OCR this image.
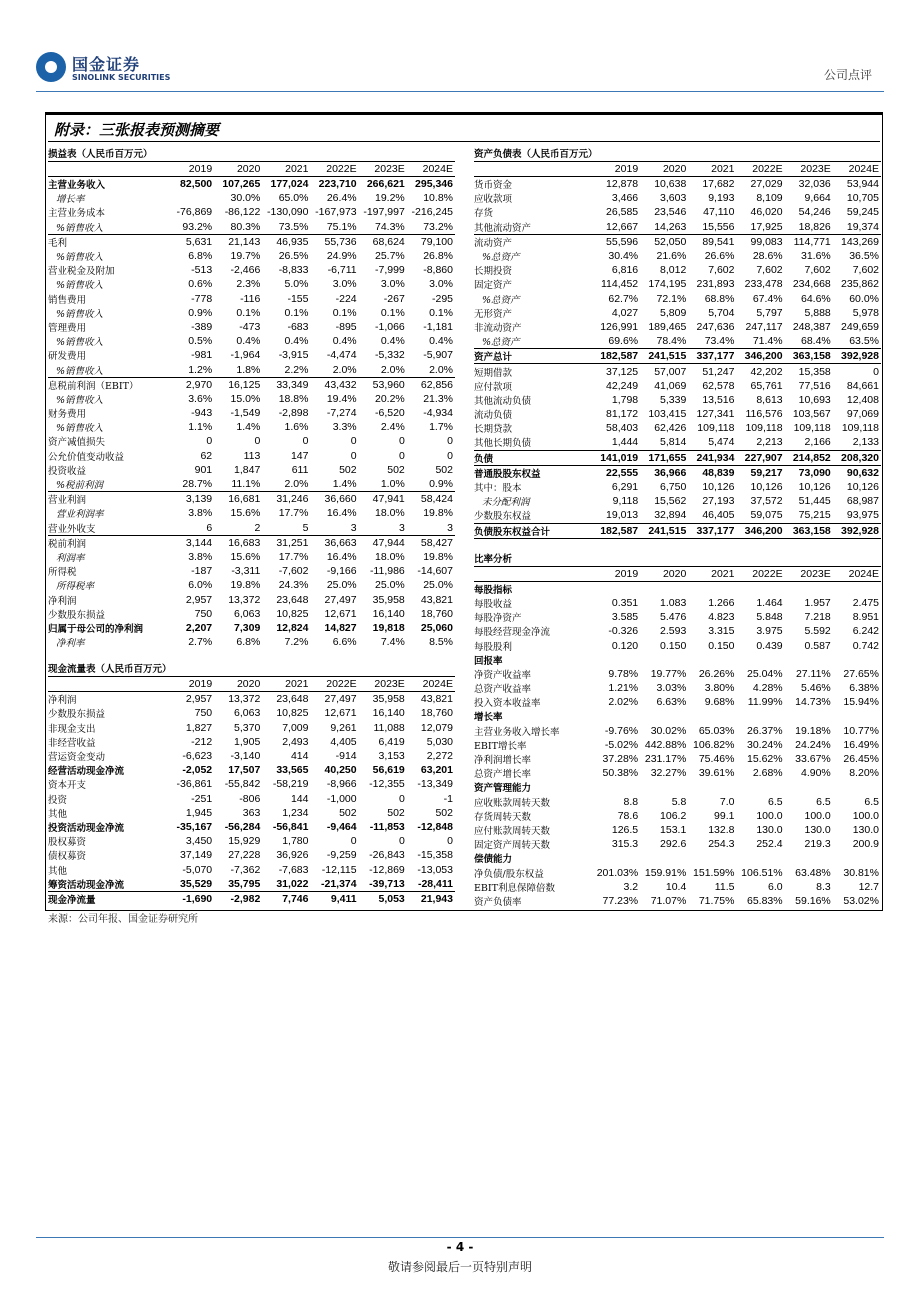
国金证券
SINOLINK SECURITIES	公司点评
附录：三张报表预测摘要
损益表（人民币百万元）
	2019	2020	2021	2022E	2023E	2024E
主营业务收入	82,500	107,265	177,024	223,710	266,621	295,346
增长率		30.0%	65.0%	26.4%	19.2%	10.8%
主营业务成本	-76,869	-86,122	-130,090	-167,973	-197,997	-216,245
%销售收入	93.2%	80.3%	73.5%	75.1%	74.3%	73.2%
毛利	5,631	21,143	46,935	55,736	68,624	79,100
%销售收入	6.8%	19.7%	26.5%	24.9%	25.7%	26.8%
营业税金及附加	-513	-2,466	-8,833	-6,711	-7,999	-8,860
%销售收入	0.6%	2.3%	5.0%	3.0%	3.0%	3.0%
销售费用	-778	-116	-155	-224	-267	-295
%销售收入	0.9%	0.1%	0.1%	0.1%	0.1%	0.1%
管理费用	-389	-473	-683	-895	-1,066	-1,181
%销售收入	0.5%	0.4%	0.4%	0.4%	0.4%	0.4%
研发费用	-981	-1,964	-3,915	-4,474	-5,332	-5,907
%销售收入	1.2%	1.8%	2.2%	2.0%	2.0%	2.0%
息税前利润（EBIT）	2,970	16,125	33,349	43,432	53,960	62,856
%销售收入	3.6%	15.0%	18.8%	19.4%	20.2%	21.3%
财务费用	-943	-1,549	-2,898	-7,274	-6,520	-4,934
%销售收入	1.1%	1.4%	1.6%	3.3%	2.4%	1.7%
资产减值损失	0	0	0	0	0	0
公允价值变动收益	62	113	147	0	0	0
投资收益	901	1,847	611	502	502	502
%税前利润	28.7%	11.1%	2.0%	1.4%	1.0%	0.9%
营业利润	3,139	16,681	31,246	36,660	47,941	58,424
营业利润率	3.8%	15.6%	17.7%	16.4%	18.0%	19.8%
营业外收支	6	2	5	3	3	3
税前利润	3,144	16,683	31,251	36,663	47,944	58,427
利润率	3.8%	15.6%	17.7%	16.4%	18.0%	19.8%
所得税	-187	-3,311	-7,602	-9,166	-11,986	-14,607
所得税率	6.0%	19.8%	24.3%	25.0%	25.0%	25.0%
净利润	2,957	13,372	23,648	27,497	35,958	43,821
少数股东损益	750	6,063	10,825	12,671	16,140	18,760
归属于母公司的净利润	2,207	7,309	12,824	14,827	19,818	25,060
净利率	2.7%	6.8%	7.2%	6.6%	7.4%	8.5%
现金流量表（人民币百万元）
	2019	2020	2021	2022E	2023E	2024E
净利润	2,957	13,372	23,648	27,497	35,958	43,821
少数股东损益	750	6,063	10,825	12,671	16,140	18,760
非现金支出	1,827	5,370	7,009	9,261	11,088	12,079
非经营收益	-212	1,905	2,493	4,405	6,419	5,030
营运资金变动	-6,623	-3,140	414	-914	3,153	2,272
经营活动现金净流	-2,052	17,507	33,565	40,250	56,619	63,201
资本开支	-36,861	-55,842	-58,219	-8,966	-12,355	-13,349
投资	-251	-806	144	-1,000	0	-1
其他	1,945	363	1,234	502	502	502
投资活动现金净流	-35,167	-56,284	-56,841	-9,464	-11,853	-12,848
股权募资	3,450	15,929	1,780	0	0	0
债权募资	37,149	27,228	36,926	-9,259	-26,843	-15,358
其他	-5,070	-7,362	-7,683	-12,115	-12,869	-13,053
筹资活动现金净流	35,529	35,795	31,022	-21,374	-39,713	-28,411
现金净流量	-1,690	-2,982	7,746	9,411	5,053	21,943
资产负债表（人民币百万元）
	2019	2020	2021	2022E	2023E	2024E
货币资金	12,878	10,638	17,682	27,029	32,036	53,944
应收款项	3,466	3,603	9,193	8,109	9,664	10,705
存货	26,585	23,546	47,110	46,020	54,246	59,245
其他流动资产	12,667	14,263	15,556	17,925	18,826	19,374
流动资产	55,596	52,050	89,541	99,083	114,771	143,269
%总资产	30.4%	21.6%	26.6%	28.6%	31.6%	36.5%
长期投资	6,816	8,012	7,602	7,602	7,602	7,602
固定资产	114,452	174,195	231,893	233,478	234,668	235,862
%总资产	62.7%	72.1%	68.8%	67.4%	64.6%	60.0%
无形资产	4,027	5,809	5,704	5,797	5,888	5,978
非流动资产	126,991	189,465	247,636	247,117	248,387	249,659
%总资产	69.6%	78.4%	73.4%	71.4%	68.4%	63.5%
资产总计	182,587	241,515	337,177	346,200	363,158	392,928
短期借款	37,125	57,007	51,247	42,202	15,358	0
应付款项	42,249	41,069	62,578	65,761	77,516	84,661
其他流动负债	1,798	5,339	13,516	8,613	10,693	12,408
流动负债	81,172	103,415	127,341	116,576	103,567	97,069
长期贷款	58,403	62,426	109,118	109,118	109,118	109,118
其他长期负债	1,444	5,814	5,474	2,213	2,166	2,133
负债	141,019	171,655	241,934	227,907	214,852	208,320
普通股股东权益	22,555	36,966	48,839	59,217	73,090	90,632
其中：股本	6,291	6,750	10,126	10,126	10,126	10,126
未分配利润	9,118	15,562	27,193	37,572	51,445	68,987
少数股东权益	19,013	32,894	46,405	59,075	75,215	93,975
负债股东权益合计	182,587	241,515	337,177	346,200	363,158	392,928
比率分析
	2019	2020	2021	2022E	2023E	2024E
每股指标						
每股收益	0.351	1.083	1.266	1.464	1.957	2.475
每股净资产	3.585	5.476	4.823	5.848	7.218	8.951
每股经营现金净流	-0.326	2.593	3.315	3.975	5.592	6.242
每股股利	0.120	0.150	0.150	0.439	0.587	0.742
回报率						
净资产收益率	9.78%	19.77%	26.26%	25.04%	27.11%	27.65%
总资产收益率	1.21%	3.03%	3.80%	4.28%	5.46%	6.38%
投入资本收益率	2.02%	6.63%	9.68%	11.99%	14.73%	15.94%
增长率						
主营业务收入增长率	-9.76%	30.02%	65.03%	26.37%	19.18%	10.77%
EBIT增长率	-5.02%	442.88%	106.82%	30.24%	24.24%	16.49%
净利润增长率	37.28%	231.17%	75.46%	15.62%	33.67%	26.45%
总资产增长率	50.38%	32.27%	39.61%	2.68%	4.90%	8.20%
资产管理能力						
应收账款周转天数	8.8	5.8	7.0	6.5	6.5	6.5
存货周转天数	78.6	106.2	99.1	100.0	100.0	100.0
应付账款周转天数	126.5	153.1	132.8	130.0	130.0	130.0
固定资产周转天数	315.3	292.6	254.3	252.4	219.3	200.9
偿债能力						
净负债/股东权益	201.03%	159.91%	151.59%	106.51%	63.48%	30.81%
EBIT利息保障倍数	3.2	10.4	11.5	6.0	8.3	12.7
资产负债率	77.23%	71.07%	71.75%	65.83%	59.16%	53.02%
来源：公司年报、国金证券研究所
- 4 -
敬请参阅最后一页特别声明
